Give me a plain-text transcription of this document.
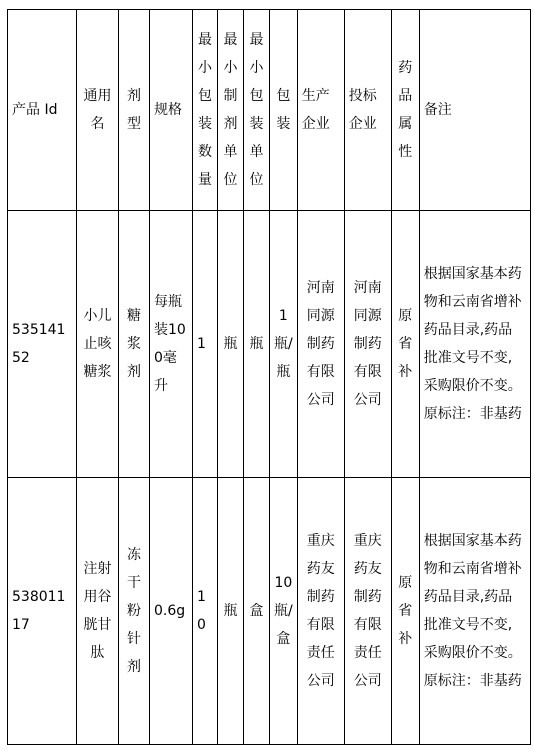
产品 Id	通用名	剂型	规格	最小包装数量	最小制剂单位	最小包装单位	包装	生产企业	投标企业	药品属性	备注
53514152	小儿止咳糖浆	糖浆剂	每瓶装100毫升	1	瓶	瓶	1瓶/瓶	河南同源制药有限公司	河南同源制药有限公司	原省补	根据国家基本药物和云南省增补药品目录,药品批准文号不变,采购限价不变。原标注：非基药
53801117	注射用谷胱甘肽	冻干粉针剂	0.6g	10	瓶	盒	10瓶/盒	重庆药友制药有限责任公司	重庆药友制药有限责任公司	原省补	根据国家基本药物和云南省增补药品目录,药品批准文号不变,采购限价不变。原标注：非基药
